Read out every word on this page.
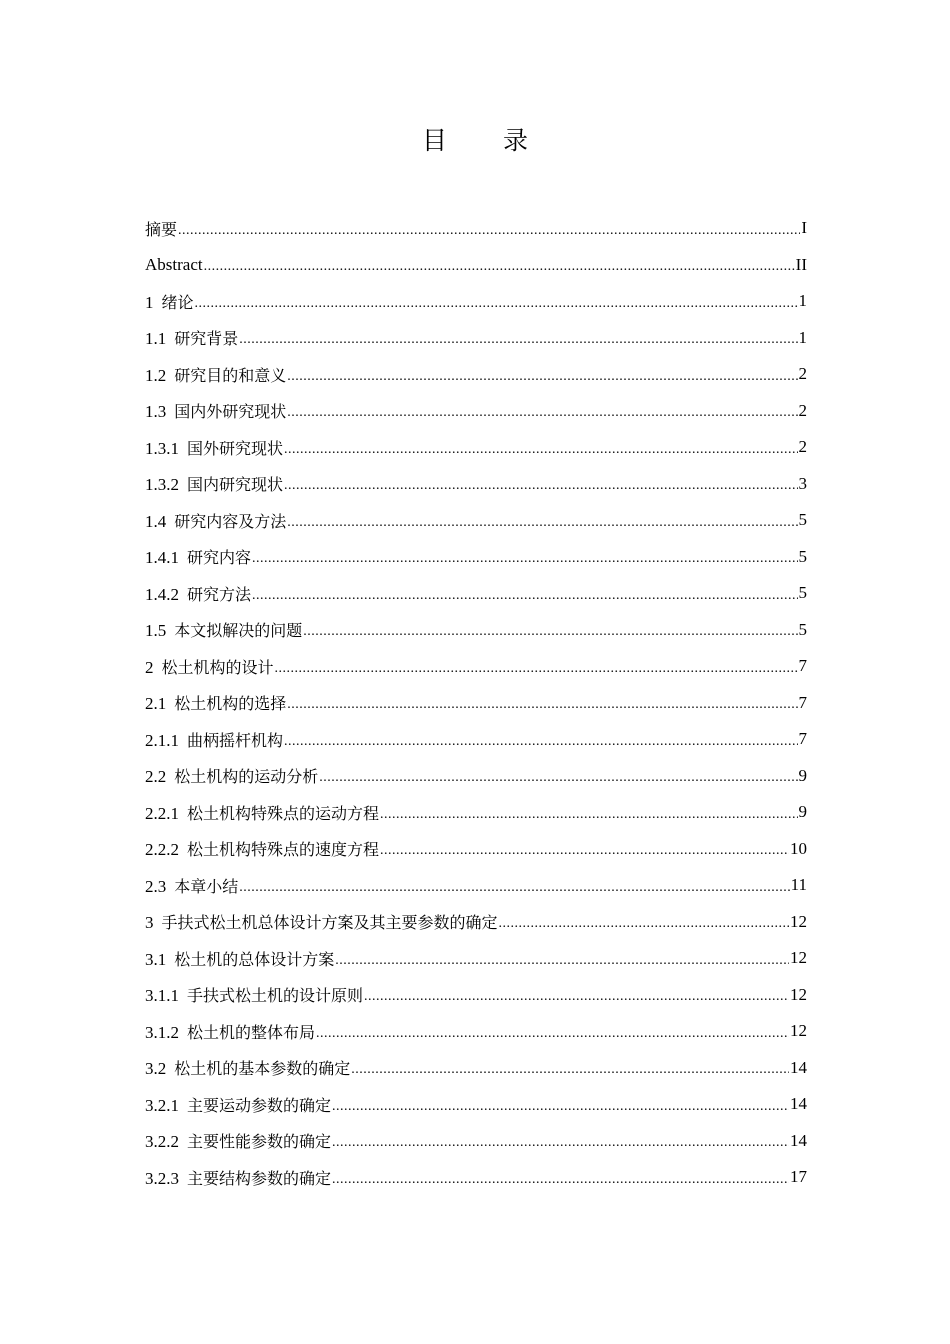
目 录
摘要 .....	I
Abstract .....	II
1 绪论 .....	1
1.1 研究背景 .....	1
1.2 研究目的和意义 .....	2
1.3 国内外研究现状 .....	2
1.3.1 国外研究现状 .....	2
1.3.2 国内研究现状 .....	3
1.4 研究内容及方法 .....	5
1.4.1 研究内容 .....	5
1.4.2 研究方法 .....	5
1.5 本文拟解决的问题 .....	5
2 松土机构的设计 .....	7
2.1 松土机构的选择 .....	7
2.1.1 曲柄摇杆机构 .....	7
2.2 松土机构的运动分析 .....	9
2.2.1 松土机构特殊点的运动方程 .....	9
2.2.2 松土机构特殊点的速度方程 .....	10
2.3 本章小结 .....	11
3 手扶式松土机总体设计方案及其主要参数的确定 .....	12
3.1 松土机的总体设计方案 .....	12
3.1.1 手扶式松土机的设计原则 .....	12
3.1.2 松土机的整体布局 .....	12
3.2 松土机的基本参数的确定 .....	14
3.2.1 主要运动参数的确定 .....	14
3.2.2 主要性能参数的确定 .....	14
3.2.3 主要结构参数的确定 .....	17
